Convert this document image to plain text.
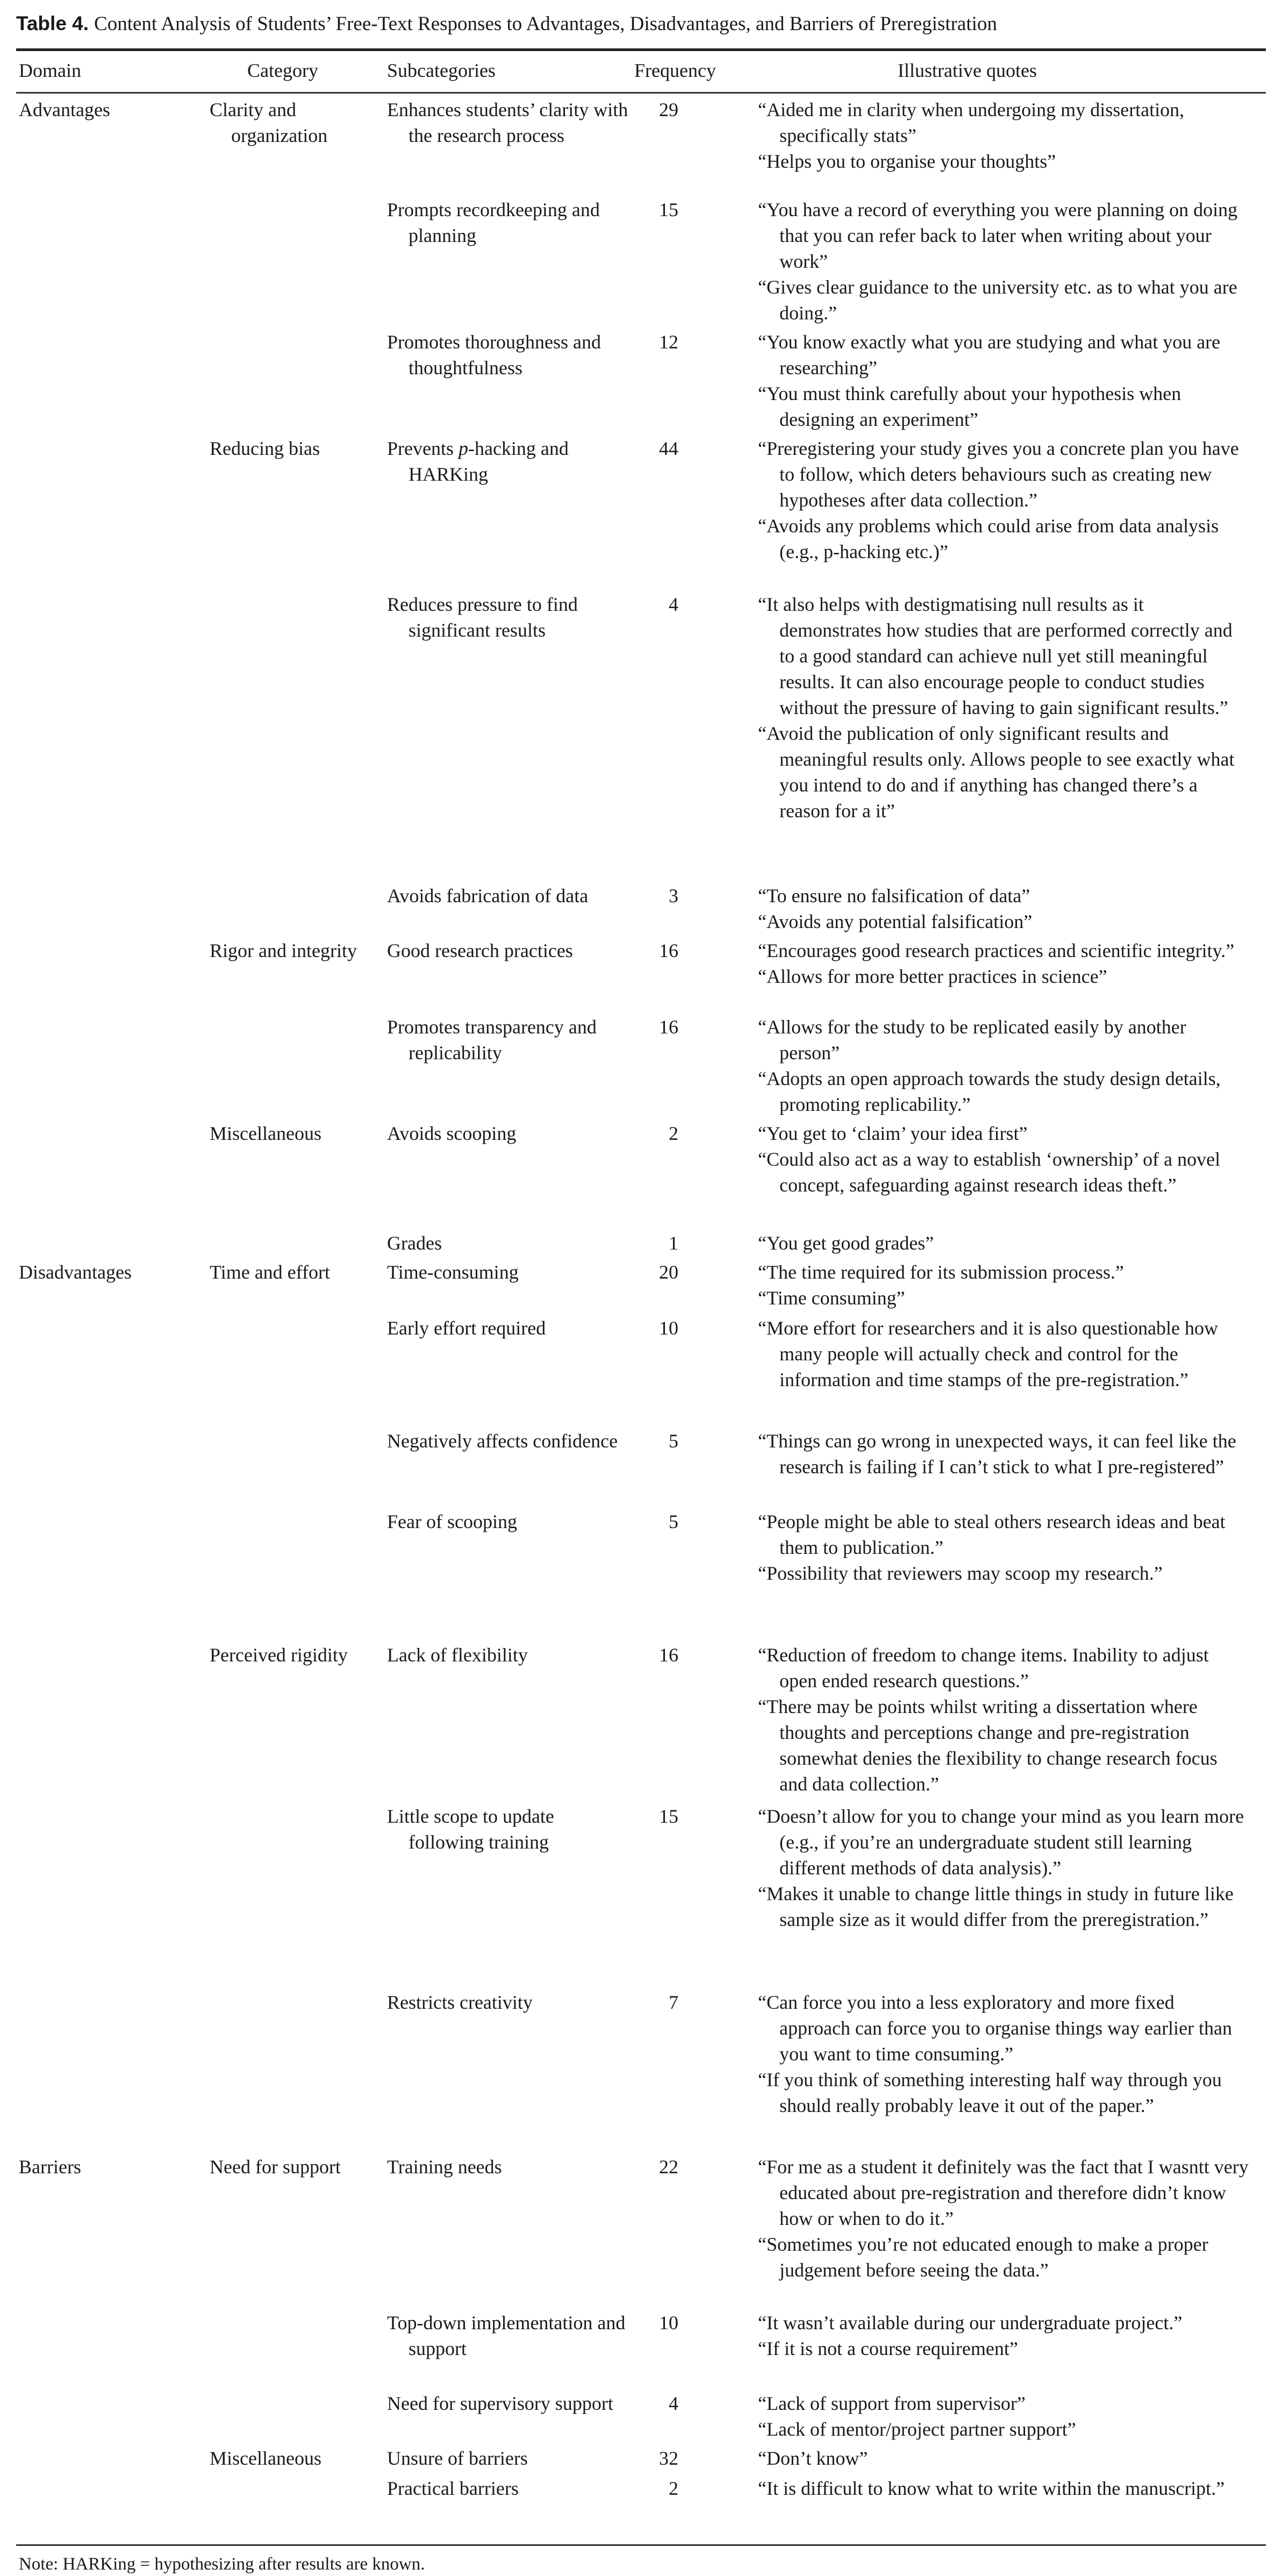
Table 4. Content Analysis of Students’ Free-Text Responses to Advantages, Disadvantages, and Barriers of Preregistration
Domain	Category	Subcategories	Frequency	Illustrative quotes

Advantages	Clarity and organization	Enhances students’ clarity with the research process	29	“Aided me in clarity when undergoing my dissertation, specifically stats”
“Helps you to organise your thoughts”

		Prompts recordkeeping and planning	15	“You have a record of everything you were planning on doing that you can refer back to later when writing about your work”
“Gives clear guidance to the university etc. as to what you are doing.”

		Promotes thoroughness and thoughtfulness	12	“You know exactly what you are studying and what you are researching”
“You must think carefully about your hypothesis when designing an experiment”

	Reducing bias	Prevents p-hacking and HARKing	44	“Preregistering your study gives you a concrete plan you have to follow, which deters behaviours such as creating new hypotheses after data collection.”
“Avoids any problems which could arise from data analysis (e.g., p-hacking etc.)”

		Reduces pressure to find significant results	4	“It also helps with destigmatising null results as it demonstrates how studies that are performed correctly and to a good standard can achieve null yet still meaningful results. It can also encourage people to conduct studies without the pressure of having to gain significant results.”
“Avoid the publication of only significant results and meaningful results only. Allows people to see exactly what you intend to do and if anything has changed there’s a reason for a it”

		Avoids fabrication of data	3	“To ensure no falsification of data”
“Avoids any potential falsification”

	Rigor and integrity	Good research practices	16	“Encourages good research practices and scientific integrity.”
“Allows for more better practices in science”

		Promotes transparency and replicability	16	“Allows for the study to be replicated easily by another person”
“Adopts an open approach towards the study design details, promoting replicability.”

	Miscellaneous	Avoids scooping	2	“You get to ‘claim’ your idea first”
“Could also act as a way to establish ‘ownership’ of a novel concept, safeguarding against research ideas theft.”

		Grades	1	“You get good grades”

Disadvantages	Time and effort	Time-consuming	20	“The time required for its submission process.”
“Time consuming”

		Early effort required	10	“More effort for researchers and it is also questionable how many people will actually check and control for the information and time stamps of the pre-registration.”

		Negatively affects confidence	5	“Things can go wrong in unexpected ways, it can feel like the research is failing if I can’t stick to what I pre-registered”

		Fear of scooping	5	“People might be able to steal others research ideas and beat them to publication.”
“Possibility that reviewers may scoop my research.”

	Perceived rigidity	Lack of flexibility	16	“Reduction of freedom to change items. Inability to adjust open ended research questions.”
“There may be points whilst writing a dissertation where thoughts and perceptions change and pre-registration somewhat denies the flexibility to change research focus and data collection.”

		Little scope to update following training	15	“Doesn’t allow for you to change your mind as you learn more (e.g., if you’re an undergraduate student still learning different methods of data analysis).”
“Makes it unable to change little things in study in future like sample size as it would differ from the preregistration.”

		Restricts creativity	7	“Can force you into a less exploratory and more fixed approach can force you to organise things way earlier than you want to time consuming.”
“If you think of something interesting half way through you should really probably leave it out of the paper.”

Barriers	Need for support	Training needs	22	“For me as a student it definitely was the fact that I wasntt very educated about pre-registration and therefore didn’t know how or when to do it.”
“Sometimes you’re not educated enough to make a proper judgement before seeing the data.”

		Top-down implementation and support	10	“It wasn’t available during our undergraduate project.”
“If it is not a course requirement”

		Need for supervisory support	4	“Lack of support from supervisor”
“Lack of mentor/project partner support”

	Miscellaneous	Unsure of barriers	32	“Don’t know”

		Practical barriers	2	“It is difficult to know what to write within the manuscript.”

Note: HARKing = hypothesizing after results are known.
